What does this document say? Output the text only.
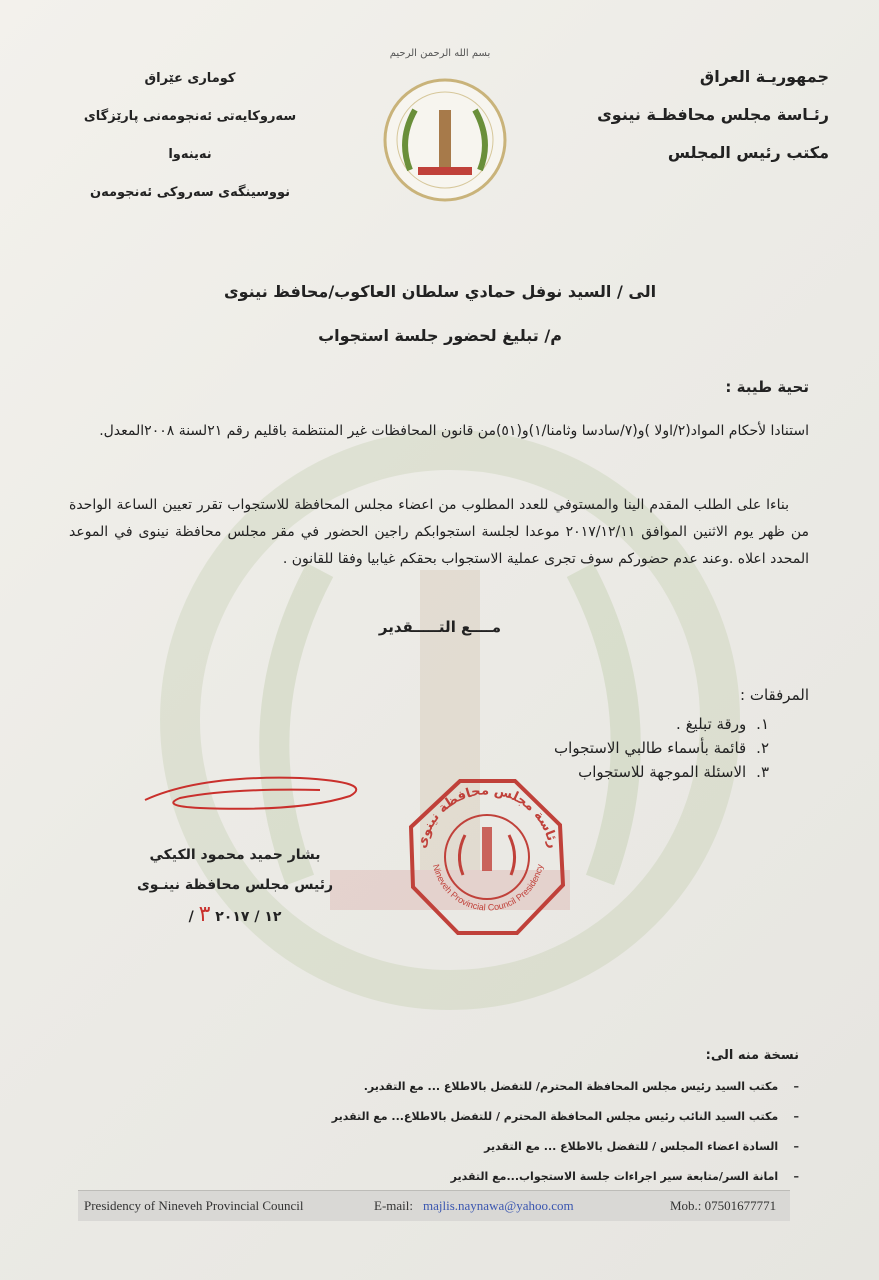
جمهوريـة العراق
رئـاسة مجلس محافظـة نينوى
مكتب رئيس المجلس
كوماری عێراق
سەروكایەتی ئەنجومەنی پارێزگای نەینەوا
نووسینگەی سەروكی ئەنجومەن
بسم الله الرحمن الرحيم
الى / السيد نوفل حمادي سلطان العاكوب/محافظ نينوى
م/ تبليغ لحضور جلسة استجواب
تحية طيبة :
استنادا لأحكام المواد(٢/اولا )و(٧/سادسا وثامنا/١)و(٥١)من قانون المحافظات غير المنتظمة باقليم رقم ٢١لسنة ٢٠٠٨المعدل.
بناءا على الطلب المقدم الينا والمستوفي للعدد المطلوب من اعضاء مجلس المحافظة للاستجواب تقرر تعيين الساعة الواحدة من ظهر يوم الاثنين الموافق ٢٠١٧/١٢/١١ موعدا لجلسة استجوابكم راجين الحضور في مقر مجلس محافظة نينوى في الموعد المحدد اعلاه .وعند عدم حضوركم سوف تجرى عملية الاستجواب بحقكم غيابيا وفقا للقانون .
مــــع التـــــقدير
المرفقات :
١. ورقة تبليغ .
٢. قائمة بأسماء طالبي الاستجواب
٣. الاسئلة الموجهة للاستجواب
رئاسة مجلس محافظة نينوى
Nineveh Provincial Council Presidency
بشار حميد محمود الكيكي
رئيس مجلس محافظة نينـوى
/ ١٢ / ٢٠١٧ ٣
نسخة منه الى:
–    مكتب السيد رئيس مجلس المحافظة المحترم/ للتفضل بالاطلاع ... مع التقدير.
–    مكتب السيد النائب رئيس مجلس المحافظة المحترم / للتفضل بالاطلاع... مع التقدير
–    السادة اعضاء المجلس / للتفضل بالاطلاع ... مع التقدير
–    امانة السر/متابعة سير اجراءات جلسة الاستجواب...مع التقدير
Presidency of Nineveh Provincial Council	E-mail: majlis.naynawa@yahoo.com	Mob.: 07501677771
